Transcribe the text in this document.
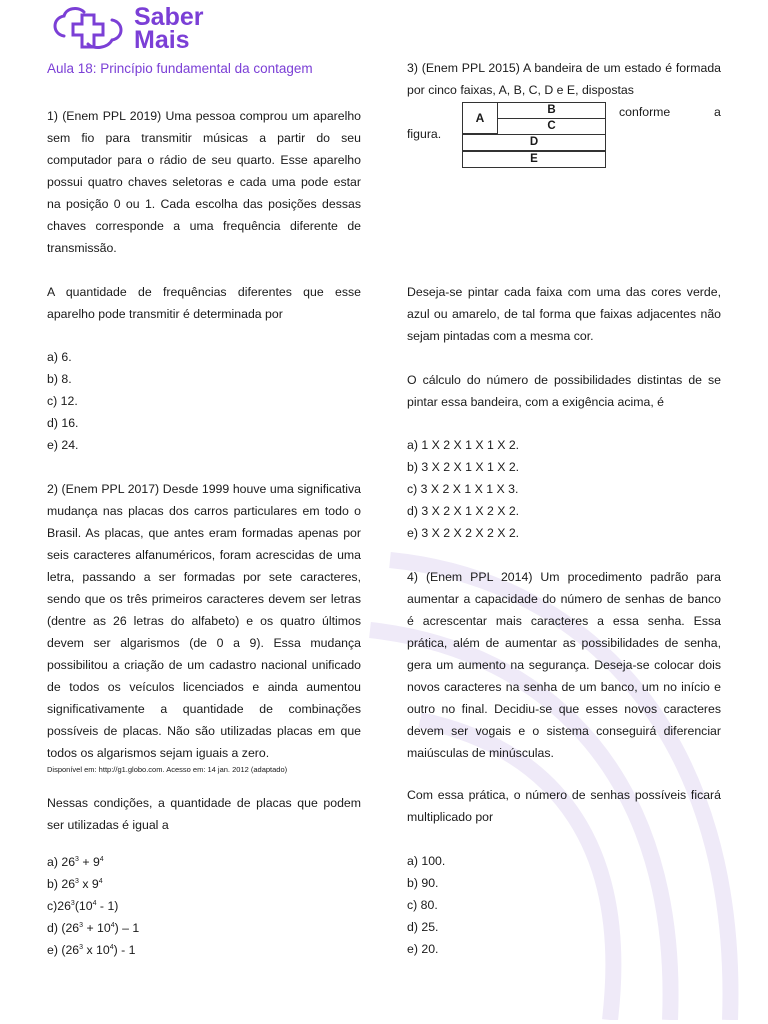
Saber
Mais
Aula 18: Princípio fundamental da contagem

1) (Enem PPL 2019) Uma pessoa comprou um aparelho sem fio para transmitir músicas a partir do seu computador para o rádio de seu quarto. Esse aparelho possui quatro chaves seletoras e cada uma pode estar na posição 0 ou 1. Cada escolha das posições dessas chaves corresponde a uma frequência diferente de transmissão.

A quantidade de frequências diferentes que esse aparelho pode transmitir é determinada por

a) 6.

b) 8.

c) 12.

d) 16.

e) 24.

2) (Enem PPL 2017) Desde 1999 houve uma significativa mudança nas placas dos carros particulares em todo o Brasil. As placas, que antes eram formadas apenas por seis caracteres alfanuméricos, foram acrescidas de uma letra, passando a ser formadas por sete caracteres, sendo que os três primeiros caracteres devem ser letras (dentre as 26 letras do alfabeto) e os quatro últimos devem ser algarismos (de 0 a 9). Essa mudança possibilitou a criação de um cadastro nacional unificado de todos os veículos licenciados e ainda aumentou significativamente a quantidade de combinações possíveis de placas. Não são utilizadas placas em que todos os algarismos sejam iguais a zero.

Disponível em: http://g1.globo.com. Acesso em: 14 jan. 2012 (adaptado)

Nessas condições, a quantidade de placas que podem ser utilizadas é igual a

a) $26^3 + 9^4$

b) $26^3$ x $9^4$

$c)26^3(10^4 - 1)$

d) $(26^3 + 10^4) - 1$

e) ($26^3$ x $10^4) - 1$

3) (Enem PPL 2015) A bandeira de um estado é formada por cinco faixas, A, B, C, D e E, dispostas

conforme	a

figura.

A
B
C
D
E

Deseja-se pintar cada faixa com uma das cores verde, azul ou amarelo, de tal forma que faixas adjacentes não sejam pintadas com a mesma cor.

O cálculo do número de possibilidades distintas de se pintar essa bandeira, com a exigência acima, é

a) 1 X 2 X 1 X 1 X 2.

b) 3 X 2 X 1 X 1 X 2.

c) 3 X 2 X 1 X 1 X 3.

d) 3 X 2 X 1 X 2 X 2.

e) 3 X 2 X 2 X 2 X 2.

4) (Enem PPL 2014) Um procedimento padrão para aumentar a capacidade do número de senhas de banco é acrescentar mais caracteres a essa senha. Essa prática, além de aumentar as possibilidades de senha, gera um aumento na segurança. Deseja-se colocar dois novos caracteres na senha de um banco, um no início e outro no final. Decidiu-se que esses novos caracteres devem ser vogais e o sistema conseguirá diferenciar maiúsculas de minúsculas.

Com essa prática, o número de senhas possíveis ficará multiplicado por

a) 100.

b) 90.

c) 80.

d) 25.

e) 20.
